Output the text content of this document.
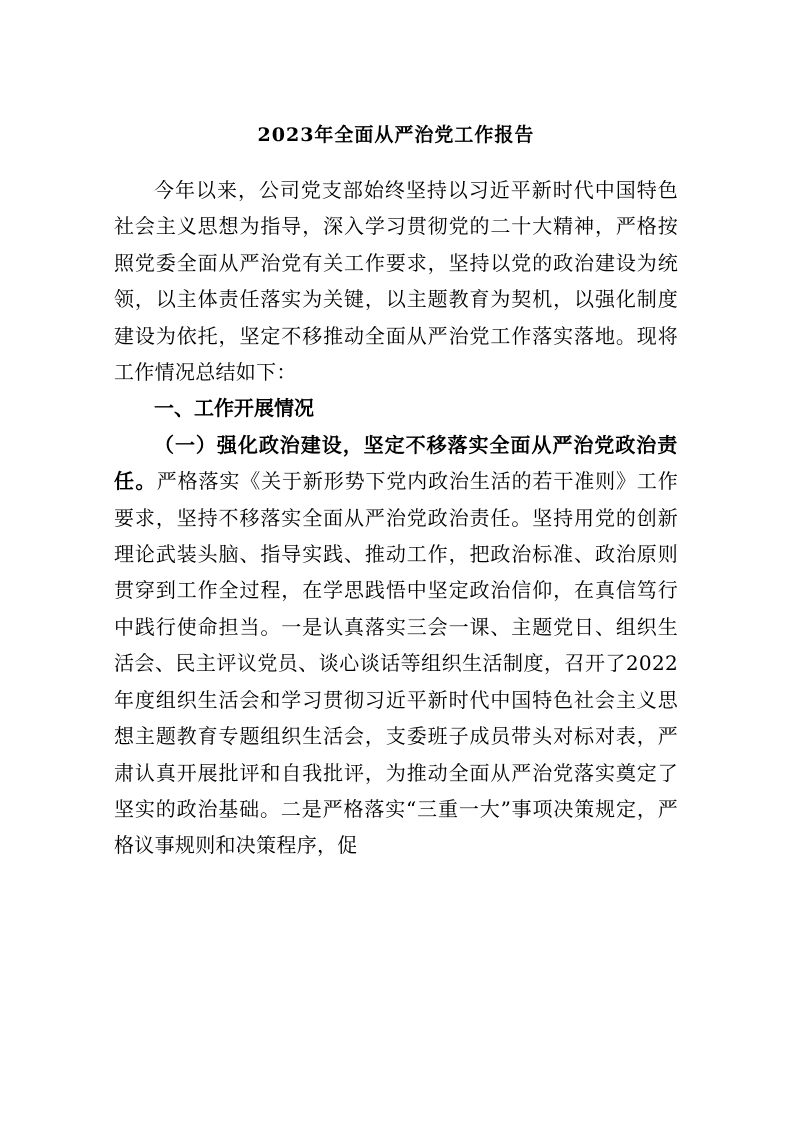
2023年全面从严治党工作报告

今年以来，公司党支部始终坚持以习近平新时代中国特色社会主义思想为指导，深入学习贯彻党的二十大精神，严格按照党委全面从严治党有关工作要求，坚持以党的政治建设为统领，以主体责任落实为关键，以主题教育为契机，以强化制度建设为依托，坚定不移推动全面从严治党工作落实落地。现将工作情况总结如下：

一、工作开展情况

（一）强化政治建设，坚定不移落实全面从严治党政治责任。严格落实《关于新形势下党内政治生活的若干准则》工作要求，坚持不移落实全面从严治党政治责任。坚持用党的创新理论武装头脑、指导实践、推动工作，把政治标准、政治原则贯穿到工作全过程，在学思践悟中坚定政治信仰，在真信笃行中践行使命担当。一是认真落实三会一课、主题党日、组织生活会、民主评议党员、谈心谈话等组织生活制度，召开了2022年度组织生活会和学习贯彻习近平新时代中国特色社会主义思想主题教育专题组织生活会，支委班子成员带头对标对表，严肃认真开展批评和自我批评，为推动全面从严治党落实奠定了坚实的政治基础。二是严格落实“三重一大”事项决策规定，严格议事规则和决策程序，促
